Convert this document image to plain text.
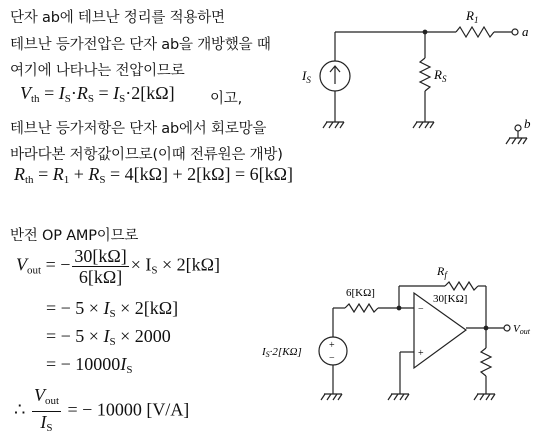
단자 ab에 테브난 정리를 적용하면
테브난 등가전압은 단자 ab을 개방했을 때
여기에 나타나는 전압이므로
$V_{th} = I_S\cdot R_S = I_S\cdot 2[k\Omega]$ 이고,
테브난 등가저항은 단자 ab에서 회로망을
바라다본 저항값이므로(이때 전류원은 개방)
$R_{th} = R_1 + R_S = 4[k\Omega] + 2[k\Omega] = 6[k\Omega]$
반전 OP AMP이므로
$V_{out}$ = − $\frac{30[k\Omega]}{6[k\Omega]} \times I_S \times 2[k\Omega]$
= − $5 \times I_S \times 2[k\Omega]$
= − $5 \times I_S \times 2000$
= − $10000I_S$
∴ $\frac{V_{out}}{I_S}$ = − 10000 [V/A]
$R_1$
$R_S$
$I_S$
a
b
+
−
−
+
6[KΩ]
$R_f$
30[KΩ]
IS·2[KΩ]
Vout
